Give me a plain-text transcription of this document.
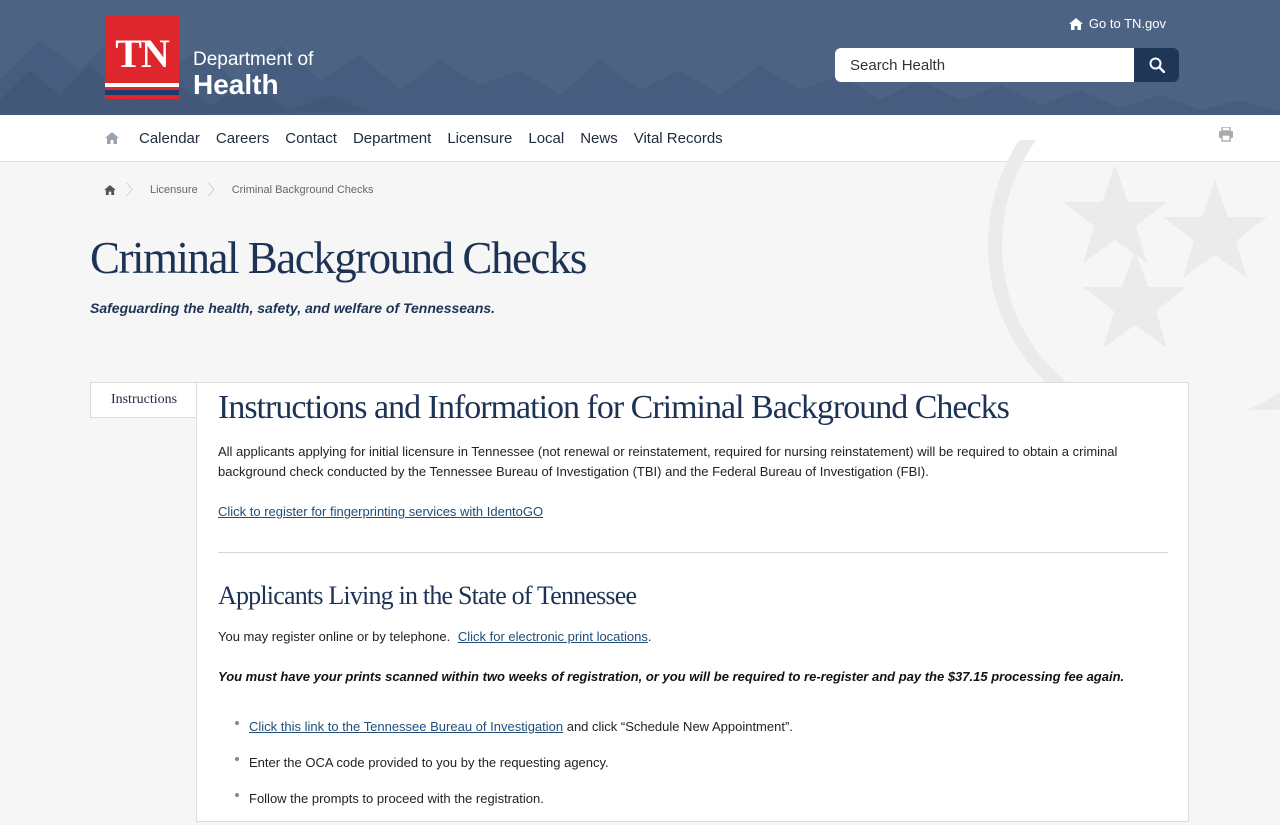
TN	Department of
Health
Go to TN.gov
Search Health
Calendar Careers Contact Department Licensure Local News Vital Records
〉 Licensure 〉 Criminal Background Checks
Criminal Background Checks
Safeguarding the health, safety, and welfare of Tennesseans.
Instructions	Instructions and Information for Criminal Background Checks

All applicants applying for initial licensure in Tennessee (not renewal or reinstatement, required for nursing reinstatement) will be required to obtain a criminal background check conducted by the Tennessee Bureau of Investigation (TBI) and the Federal Bureau of Investigation (FBI).

Click to register for fingerprinting services with IdentoGO

Applicants Living in the State of Tennessee

You may register online or by telephone. Click for electronic print locations.

You must have your prints scanned within two weeks of registration, or you will be required to re-register and pay the $37.15 processing fee again.

Click this link to the Tennessee Bureau of Investigation and click “Schedule New Appointment”.
Enter the OCA code provided to you by the requesting agency.
Follow the prompts to proceed with the registration.
